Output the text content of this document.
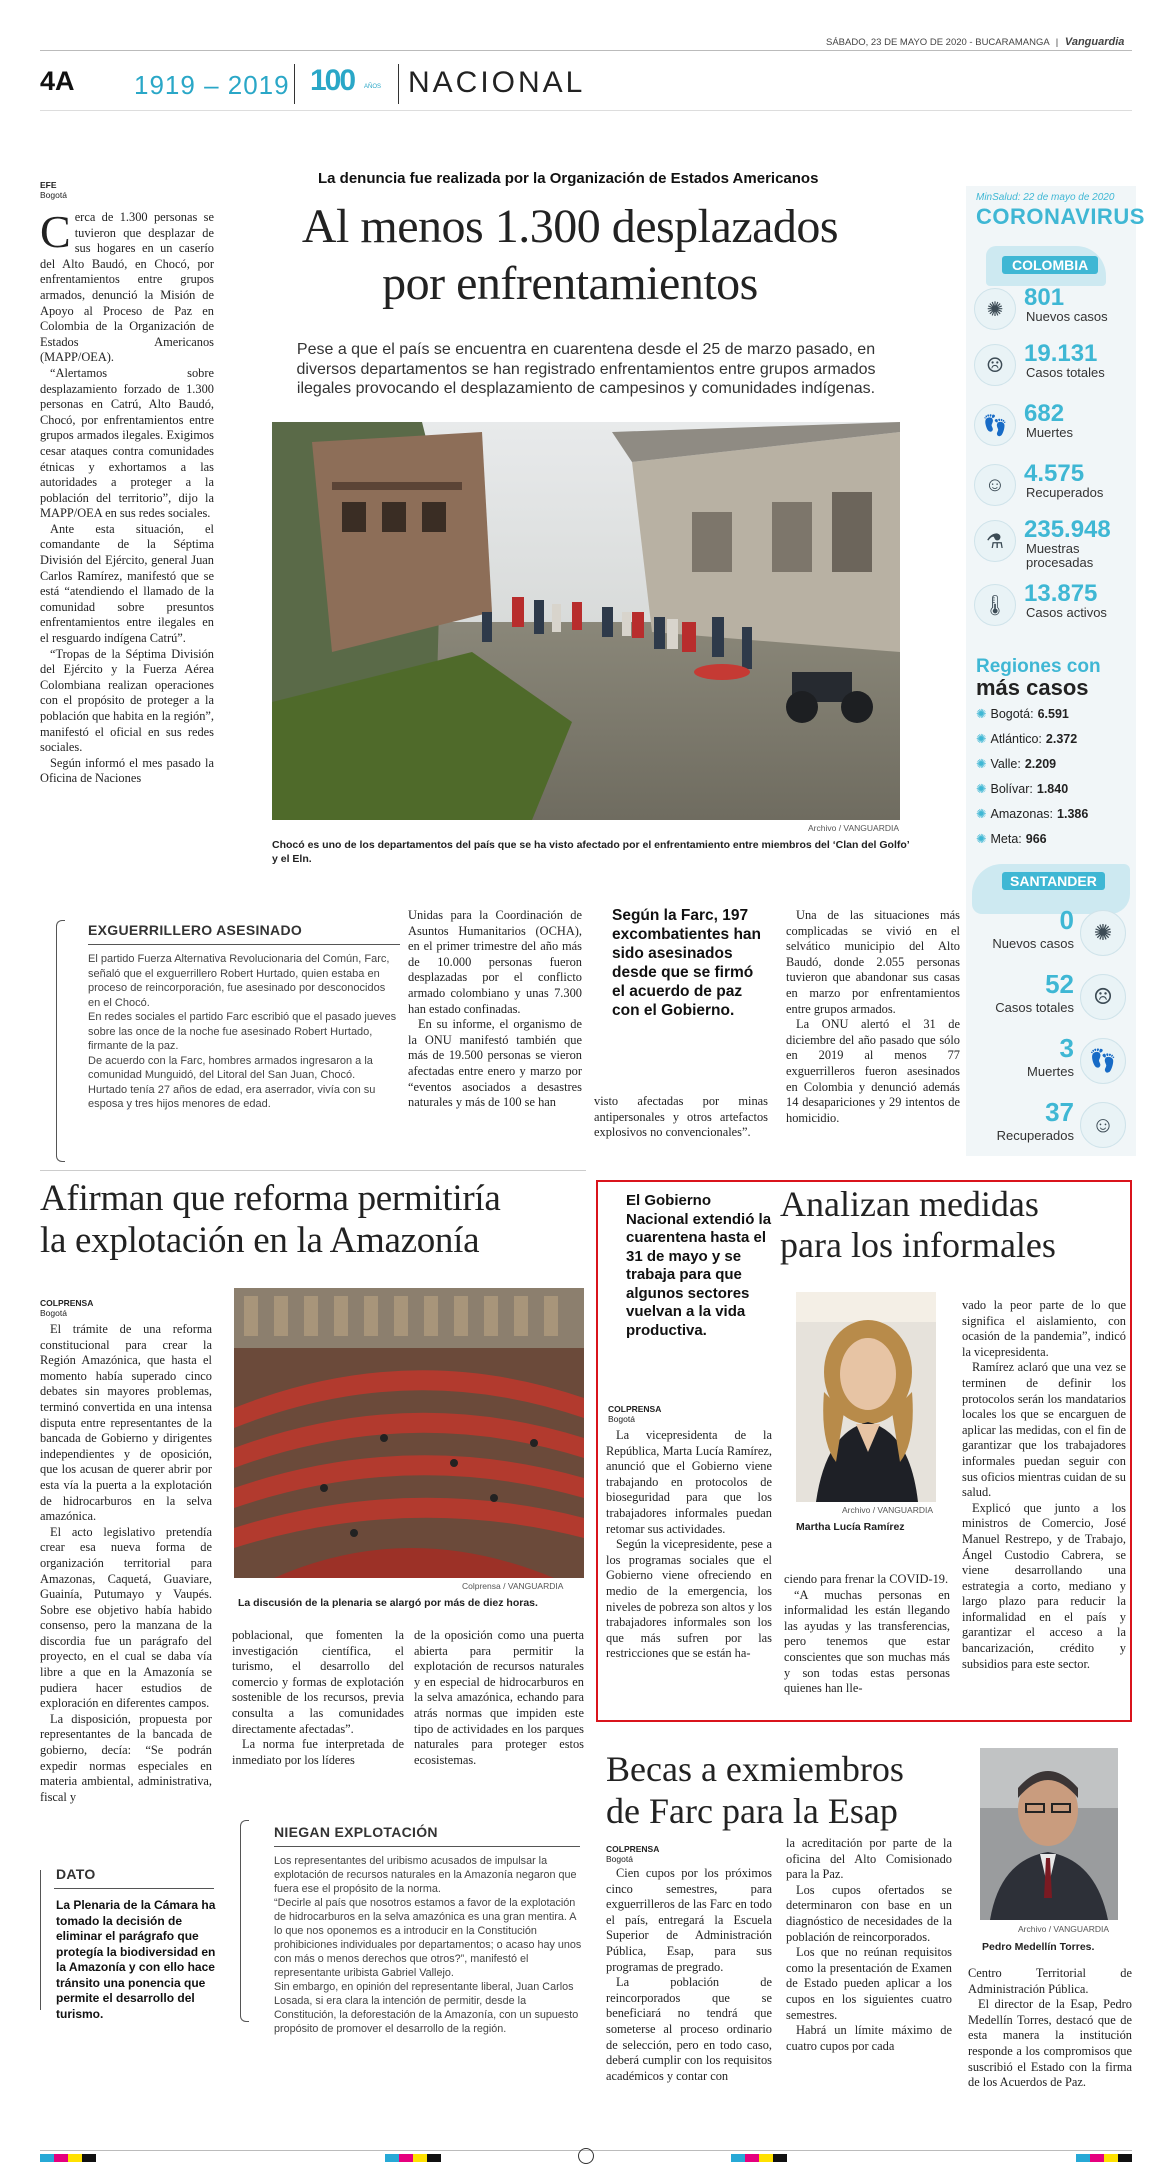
SÁBADO, 23 DE MAYO DE 2020 - BUCARAMANGA | Vanguardia
4A 1919 – 2019 100 AÑOS NACIONAL
La denuncia fue realizada por la Organización de Estados Americanos
Al menos 1.300 desplazados
por enfrentamientos
Pese a que el país se encuentra en cuarentena desde el 25 de marzo pasado, en diversos departamentos se han registrado enfrentamientos entre grupos armados ilegales provocando el desplazamiento de campesinos y comunidades indígenas.
EFE
Bogotá
C erca de 1.300 personas se tuvieron que desplazar de sus hogares en un caserío del Alto Baudó, en Chocó, por enfrentamientos entre grupos armados, denunció la Misión de Apoyo al Proceso de Paz en Colombia de la Organización de Estados Americanos (MAPP/OEA).

“Alertamos sobre desplazamiento forzado de 1.300 personas en Catrú, Alto Baudó, Chocó, por enfrentamientos entre grupos armados ilegales. Exigimos cesar ataques contra comunidades étnicas y exhortamos a las autoridades a proteger a la población del territorio”, dijo la MAPP/OEA en sus redes sociales.

Ante esta situación, el comandante de la Séptima División del Ejército, general Juan Carlos Ramírez, manifestó que se está “atendiendo el llamado de la comunidad sobre presuntos enfrentamientos entre ilegales en el resguardo indígena Catrú”.

“Tropas de la Séptima División del Ejército y la Fuerza Aérea Colombiana realizan operaciones con el propósito de proteger a la población que habita en la región”, manifestó el oficial en sus redes sociales.

Según informó el mes pasado la Oficina de Naciones

Archivo / VANGUARDIA
Chocó es uno de los departamentos del país que se ha visto afectado por el enfrentamiento entre miembros del ‘Clan del Golfo’ y el Eln.
EXGUERRILLERO ASESINADO
El partido Fuerza Alternativa Revolucionaria del Común, Farc, señaló que el exguerrillero Robert Hurtado, quien estaba en proceso de reincorporación, fue asesinado por desconocidos en el Chocó.
En redes sociales el partido Farc escribió que el pasado jueves sobre las once de la noche fue asesinado Robert Hurtado, firmante de la paz.
De acuerdo con la Farc, hombres armados ingresaron a la comunidad Munguidó, del Litoral del San Juan, Chocó.
Hurtado tenía 27 años de edad, era aserrador, vivía con su esposa y tres hijos menores de edad.

Unidas para la Coordinación de Asuntos Humanitarios (OCHA), en el primer trimestre del año más de 10.000 personas fueron desplazadas por el conflicto armado colombiano y unas 7.300 han estado confinadas.

En su informe, el organismo de la ONU manifestó también que más de 19.500 personas se vieron afectadas entre enero y marzo por “eventos asociados a desastres naturales y más de 100 se han

Según la Farc, 197 excombatientes han sido asesinados desde que se firmó el acuerdo de paz con el Gobierno.
visto afectadas por minas antipersonales y otros artefactos explosivos no convencionales”.

Una de las situaciones más complicadas se vivió en el selvático municipio del Alto Baudó, donde 2.055 personas tuvieron que abandonar sus casas en marzo por enfrentamientos entre grupos armados.

La ONU alertó el 31 de diciembre del año pasado que sólo en 2019 al menos 77 exguerrilleros fueron asesinados en Colombia y denunció además 14 desapariciones y 29 intentos de homicidio.

MinSalud: 22 de mayo de 2020
CORONAVIRUS
COLOMBIA
✺ 801
Nuevos casos
☹ 19.131
Casos totales
👣 682
Muertes
☺ 4.575
Recuperados
⚗ 235.948
Muestras procesadas
🌡 13.875
Casos activos
Regiones con
más casos
✺ Bogotá: 6.591
✺ Atlántico: 2.372
✺ Valle: 2.209
✺ Bolívar: 1.840
✺ Amazonas: 1.386
✺ Meta: 966
SANTANDER
0
Nuevos casos ✺
52
Casos totales ☹
3
Muertes 👣
37
Recuperados ☺
Afirman que reforma permitiría
la explotación en la Amazonía
COLPRENSA
Bogotá

El trámite de una reforma constitucional para crear la Región Amazónica, que hasta el momento había superado cinco debates sin mayores problemas, terminó convertida en una intensa disputa entre representantes de la bancada de Gobierno y dirigentes independientes y de oposición, que los acusan de querer abrir por esta vía la puerta a la explotación de hidrocarburos en la selva amazónica.

El acto legislativo pretendía crear esa nueva forma de organización territorial para Amazonas, Caquetá, Guaviare, Guainía, Putumayo y Vaupés. Sobre ese objetivo había habido consenso, pero la manzana de la discordia fue un parágrafo del proyecto, en el cual se daba vía libre a que en la Amazonía se pudiera hacer estudios de exploración en diferentes campos.

La disposición, propuesta por representantes de la bancada de gobierno, decía: “Se podrán expedir normas especiales en materia ambiental, administrativa, fiscal y

Colprensa / VANGUARDIA
La discusión de la plenaria se alargó por más de diez horas.

poblacional, que fomenten la investigación científica, el turismo, el desarrollo del comercio y formas de explotación sostenible de los recursos, previa consulta a las comunidades directamente afectadas”.

La norma fue interpretada de inmediato por los líderes

de la oposición como una puerta abierta para permitir la explotación de recursos naturales y en especial de hidrocarburos en la selva amazónica, echando para atrás normas que impiden este tipo de actividades en los parques naturales para proteger estos ecosistemas.
DATO
La Plenaria de la Cámara ha tomado la decisión de eliminar el parágrafo que protegía la biodiversidad en la Amazonía y con ello hace tránsito una ponencia que permite el desarrollo del turismo.
NIEGAN EXPLOTACIÓN
Los representantes del uribismo acusados de impulsar la explotación de recursos naturales en la Amazonía negaron que fuera ese el propósito de la norma.
“Decirle al país que nosotros estamos a favor de la explotación de hidrocarburos en la selva amazónica es una gran mentira. A lo que nos oponemos es a introducir en la Constitución prohibiciones individuales por departamentos; o acaso hay unos con más o menos derechos que otros?”, manifestó el representante uribista Gabriel Vallejo.
Sin embargo, en opinión del representante liberal, Juan Carlos Losada, si era clara la intención de permitir, desde la Constitución, la deforestación de la Amazonía, con un supuesto propósito de promover el desarrollo de la región.
El Gobierno Nacional extendió la cuarentena hasta el 31 de mayo y se trabaja para que algunos sectores vuelvan a la vida productiva.
Analizan medidas
para los informales
COLPRENSA
Bogotá

La vicepresidenta de la República, Marta Lucía Ramírez, anunció que el Gobierno viene trabajando en protocolos de bioseguridad para que los trabajadores informales puedan retomar sus actividades.

Según la vicepresidente, pese a los programas sociales que el Gobierno viene ofreciendo en medio de la emergencia, los niveles de pobreza son altos y los trabajadores informales son los que más sufren por las restricciones que se están ha-

Archivo / VANGUARDIA
Martha Lucía Ramírez

ciendo para frenar la COVID-19.

“A muchas personas en informalidad les están llegando las ayudas y las transferencias, pero tenemos que estar conscientes que son muchas más y son todas estas personas quienes han lle-

vado la peor parte de lo que significa el aislamiento, con ocasión de la pandemia”, indicó la vicepresidenta.

Ramírez aclaró que una vez se terminen de definir los protocolos serán los mandatarios locales los que se encarguen de aplicar las medidas, con el fin de garantizar que los trabajadores informales puedan seguir con sus oficios mientras cuidan de su salud.

Explicó que junto a los ministros de Comercio, José Manuel Restrepo, y de Trabajo, Ángel Custodio Cabrera, se viene desarrollando una estrategia a corto, mediano y largo plazo para reducir la informalidad en el país y garantizar el acceso a la bancarización, crédito y subsidios para este sector.

Becas a exmiembros
de Farc para la Esap
COLPRENSA
Bogotá

Cien cupos por los próximos cinco semestres, para exguerrilleros de las Farc en todo el país, entregará la Escuela Superior de Administración Pública, Esap, para sus programas de pregrado.

La población de reincorporados que se beneficiará no tendrá que someterse al proceso ordinario de selección, pero en todo caso, deberá cumplir con los requisitos académicos y contar con

la acreditación por parte de la oficina del Alto Comisionado para la Paz.

Los cupos ofertados se determinaron con base en un diagnóstico de necesidades de la población de reincorporados.

Los que no reúnan requisitos como la presentación de Examen de Estado pueden aplicar a los cupos en los siguientes cuatro semestres.

Habrá un límite máximo de cuatro cupos por cada

Archivo / VANGUARDIA
Pedro Medellín Torres.

Centro Territorial de Administración Pública.

El director de la Esap, Pedro Medellín Torres, destacó que de esta manera la institución responde a los compromisos que suscribió el Estado con la firma de los Acuerdos de Paz.
